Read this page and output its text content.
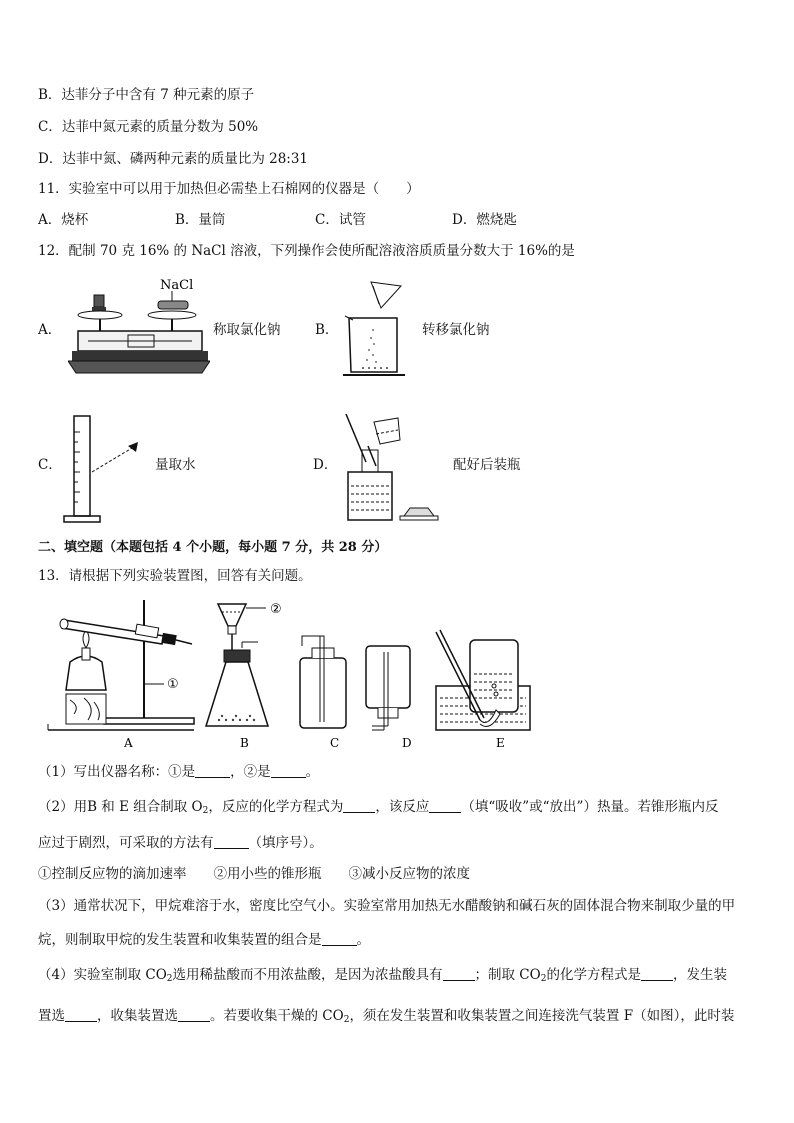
B．达菲分子中含有 7 种元素的原子
C．达菲中氮元素的质量分数为 50%
D．达菲中氮、磷两种元素的质量比为 28:31
11．实验室中可以用于加热但必需垫上石棉网的仪器是（　　）
A．烧杯	B．量筒	C．试管	D．燃烧匙
12．配制 70 克 16% 的 NaCl 溶液，下列操作会使所配溶液溶质质量分数大于 16%的是
A．
NaCl
称取氯化钠	B．	转移氯化钠
C．	量取水	D．	配好后装瓶
二、填空题（本题包括 4 个小题，每小题 7 分，共 28 分）
13．请根据下列实验装置图，回答有关问题。
①
A
②
B	C	D	E
（1）写出仪器名称：①是	，②是	。
（2）用B 和 E 组合制取 $O_2$，反应的化学方程式为 ，该反应 （填“吸收”或“放出”）热量。若锥形瓶内反
应过于剧烈，可采取的方法有	（填序号）。
①控制反应物的滴加速率　　②用小些的锥形瓶　　③减小反应物的浓度
（3）通常状况下，甲烷难溶于水，密度比空气小。实验室常用加热无水醋酸钠和碱石灰的固体混合物来制取少量的甲
烷，则制取甲烷的发生装置和收集装置的组合是	。
（4）实验室制取 $CO_2$选用稀盐酸而不用浓盐酸，是因为浓盐酸具有 ；制取 $CO_2$的化学方程式是 ，发生装
置选 ，收集装置选 。若要收集干燥的 $CO_2$，须在发生装置和收集装置之间连接洗气装置 F（如图），此时装
